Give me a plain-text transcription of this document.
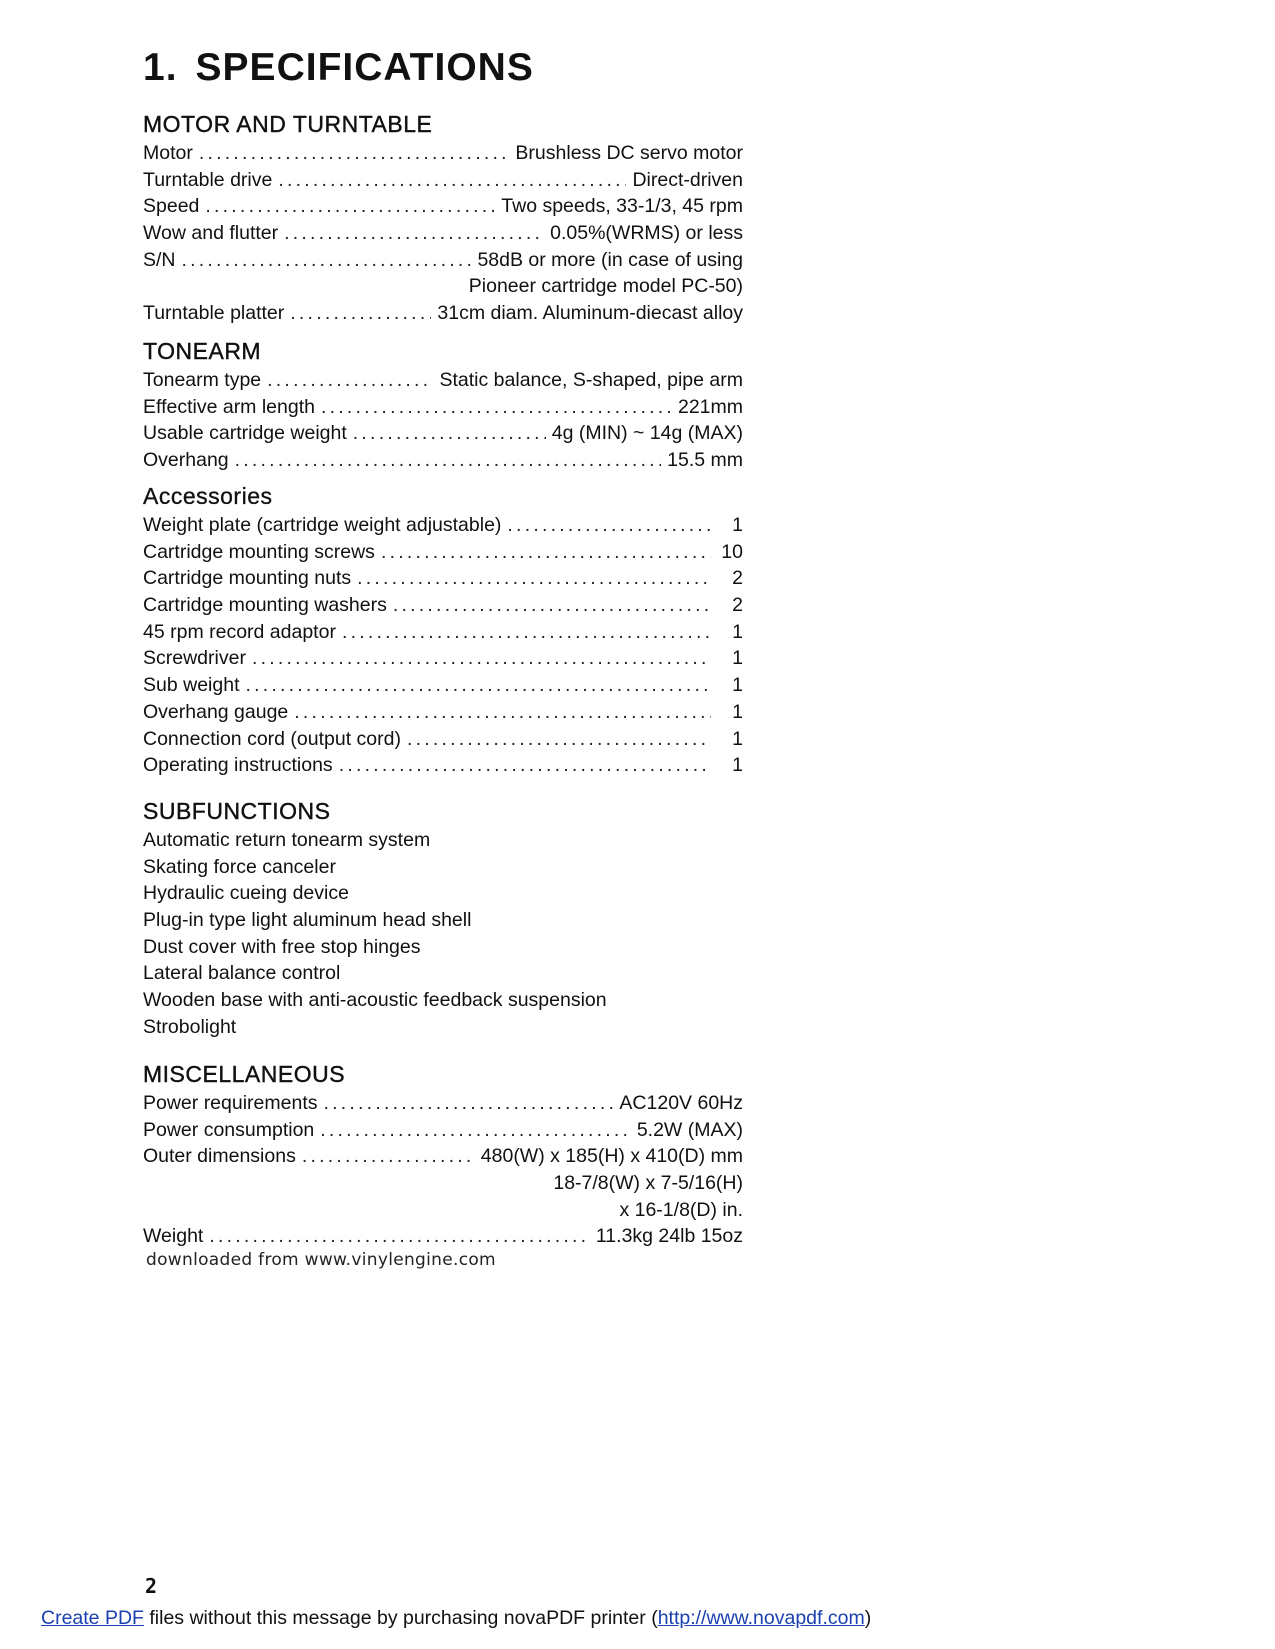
1. SPECIFICATIONS
MOTOR AND TURNTABLE
Motor . . .	Brushless DC servo motor
Turntable drive . . .	Direct-driven
Speed . . .	Two speeds, 33-1/3, 45 rpm
Wow and flutter . . .	0.05%(WRMS) or less
S/N . . .	58dB or more (in case of using
Pioneer cartridge model PC-50)
Turntable platter . . .	31cm diam. Aluminum-diecast alloy
TONEARM
Tonearm type . . .	Static balance, S-shaped, pipe arm
Effective arm length . . .	221mm
Usable cartridge weight . . .	4g (MIN) ~ 14g (MAX)
Overhang . . .	15.5 mm
Accessories
Weight plate (cartridge weight adjustable) . . .	1
Cartridge mounting screws . . .	10
Cartridge mounting nuts . . .	2
Cartridge mounting washers . . .	2
45 rpm record adaptor . . .	1
Screwdriver . . .	1
Sub weight . . .	1
Overhang gauge . . .	1
Connection cord (output cord) . . .	1
Operating instructions . . .	1
SUBFUNCTIONS
Automatic return tonearm system
Skating force canceler
Hydraulic cueing device
Plug-in type light aluminum head shell
Dust cover with free stop hinges
Lateral balance control
Wooden base with anti-acoustic feedback suspension
Strobolight
MISCELLANEOUS
Power requirements . . .	AC120V 60Hz
Power consumption . . .	5.2W (MAX)
Outer dimensions . . .	480(W) x 185(H) x 410(D) mm
18-7/8(W) x 7-5/16(H)
x 16-1/8(D) in.
Weight . . .	11.3kg 24lb 15oz
downloaded from www.vinylengine.com
2
Create PDF files without this message by purchasing novaPDF printer (http://www.novapdf.com)
